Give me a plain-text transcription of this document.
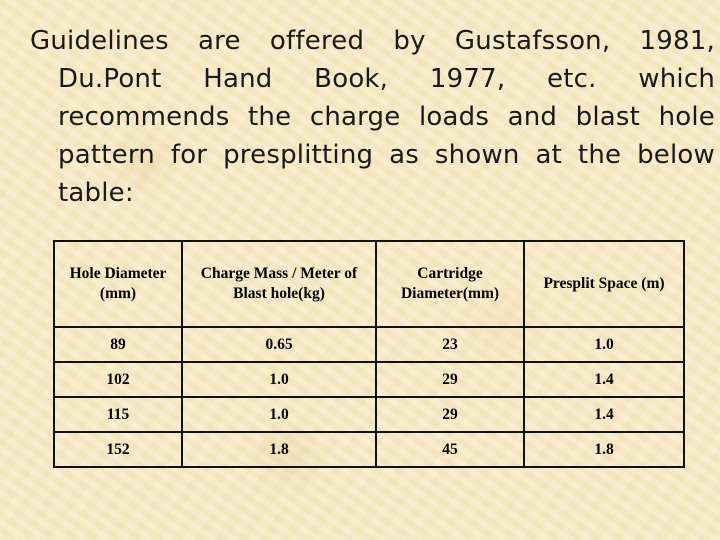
Guidelines are offered by Gustafsson, 1981, Du.Pont Hand Book, 1977, etc. which recommends the charge loads and blast hole pattern for presplitting as shown at the below table:
Hole Diameter (mm)	Charge Mass / Meter of Blast hole(kg)	Cartridge Diameter(mm)	Presplit Space (m)
89	0.65	23	1.0
102	1.0	29	1.4
115	1.0	29	1.4
152	1.8	45	1.8
